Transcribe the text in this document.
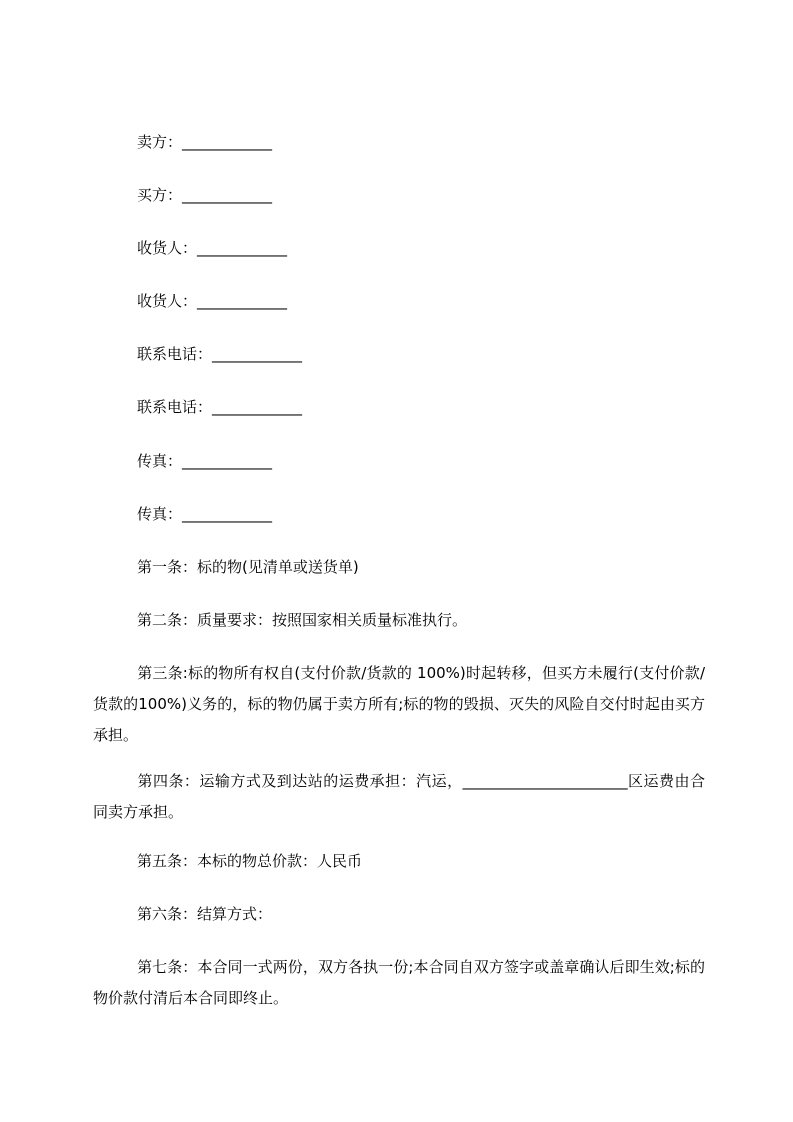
卖方：____________
买方：____________
收货人：____________
收货人：____________
联系电话：____________
联系电话：____________
传真：____________
传真：____________
第一条：标的物(见清单或送货单)
第二条：质量要求：按照国家相关质量标准执行。
第三条:标的物所有权自(支付价款/货款的 100%)时起转移，但买方未履行(支付价款/货款的100%)义务的，标的物仍属于卖方所有;标的物的毁损、灭失的风险自交付时起由买方承担。
第四条：运输方式及到达站的运费承担：汽运，______________________区运费由合同卖方承担。
第五条：本标的物总价款：人民币
第六条：结算方式：
第七条：本合同一式两份，双方各执一份;本合同自双方签字或盖章确认后即生效;标的物价款付清后本合同即终止。
